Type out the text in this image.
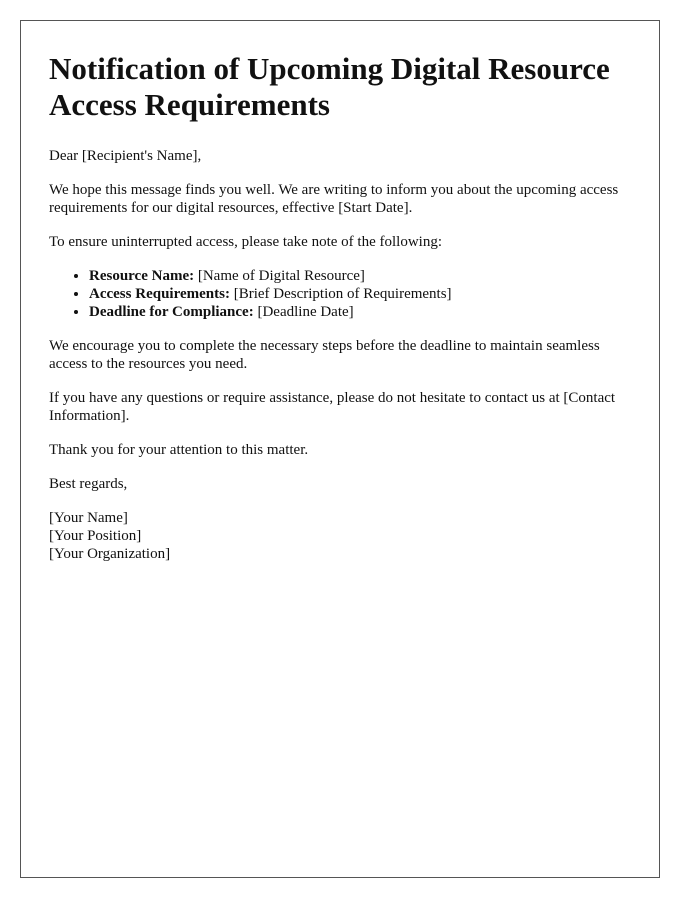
Notification of Upcoming Digital Resource Access Requirements

Dear [Recipient's Name],

We hope this message finds you well. We are writing to inform you about the upcoming access requirements for our digital resources, effective [Start Date].

To ensure uninterrupted access, please take note of the following:

• Resource Name: [Name of Digital Resource]
• Access Requirements: [Brief Description of Requirements]
• Deadline for Compliance: [Deadline Date]

We encourage you to complete the necessary steps before the deadline to maintain seamless access to the resources you need.

If you have any questions or require assistance, please do not hesitate to contact us at [Contact Information].

Thank you for your attention to this matter.

Best regards,

[Your Name]

[Your Position]

[Your Organization]
